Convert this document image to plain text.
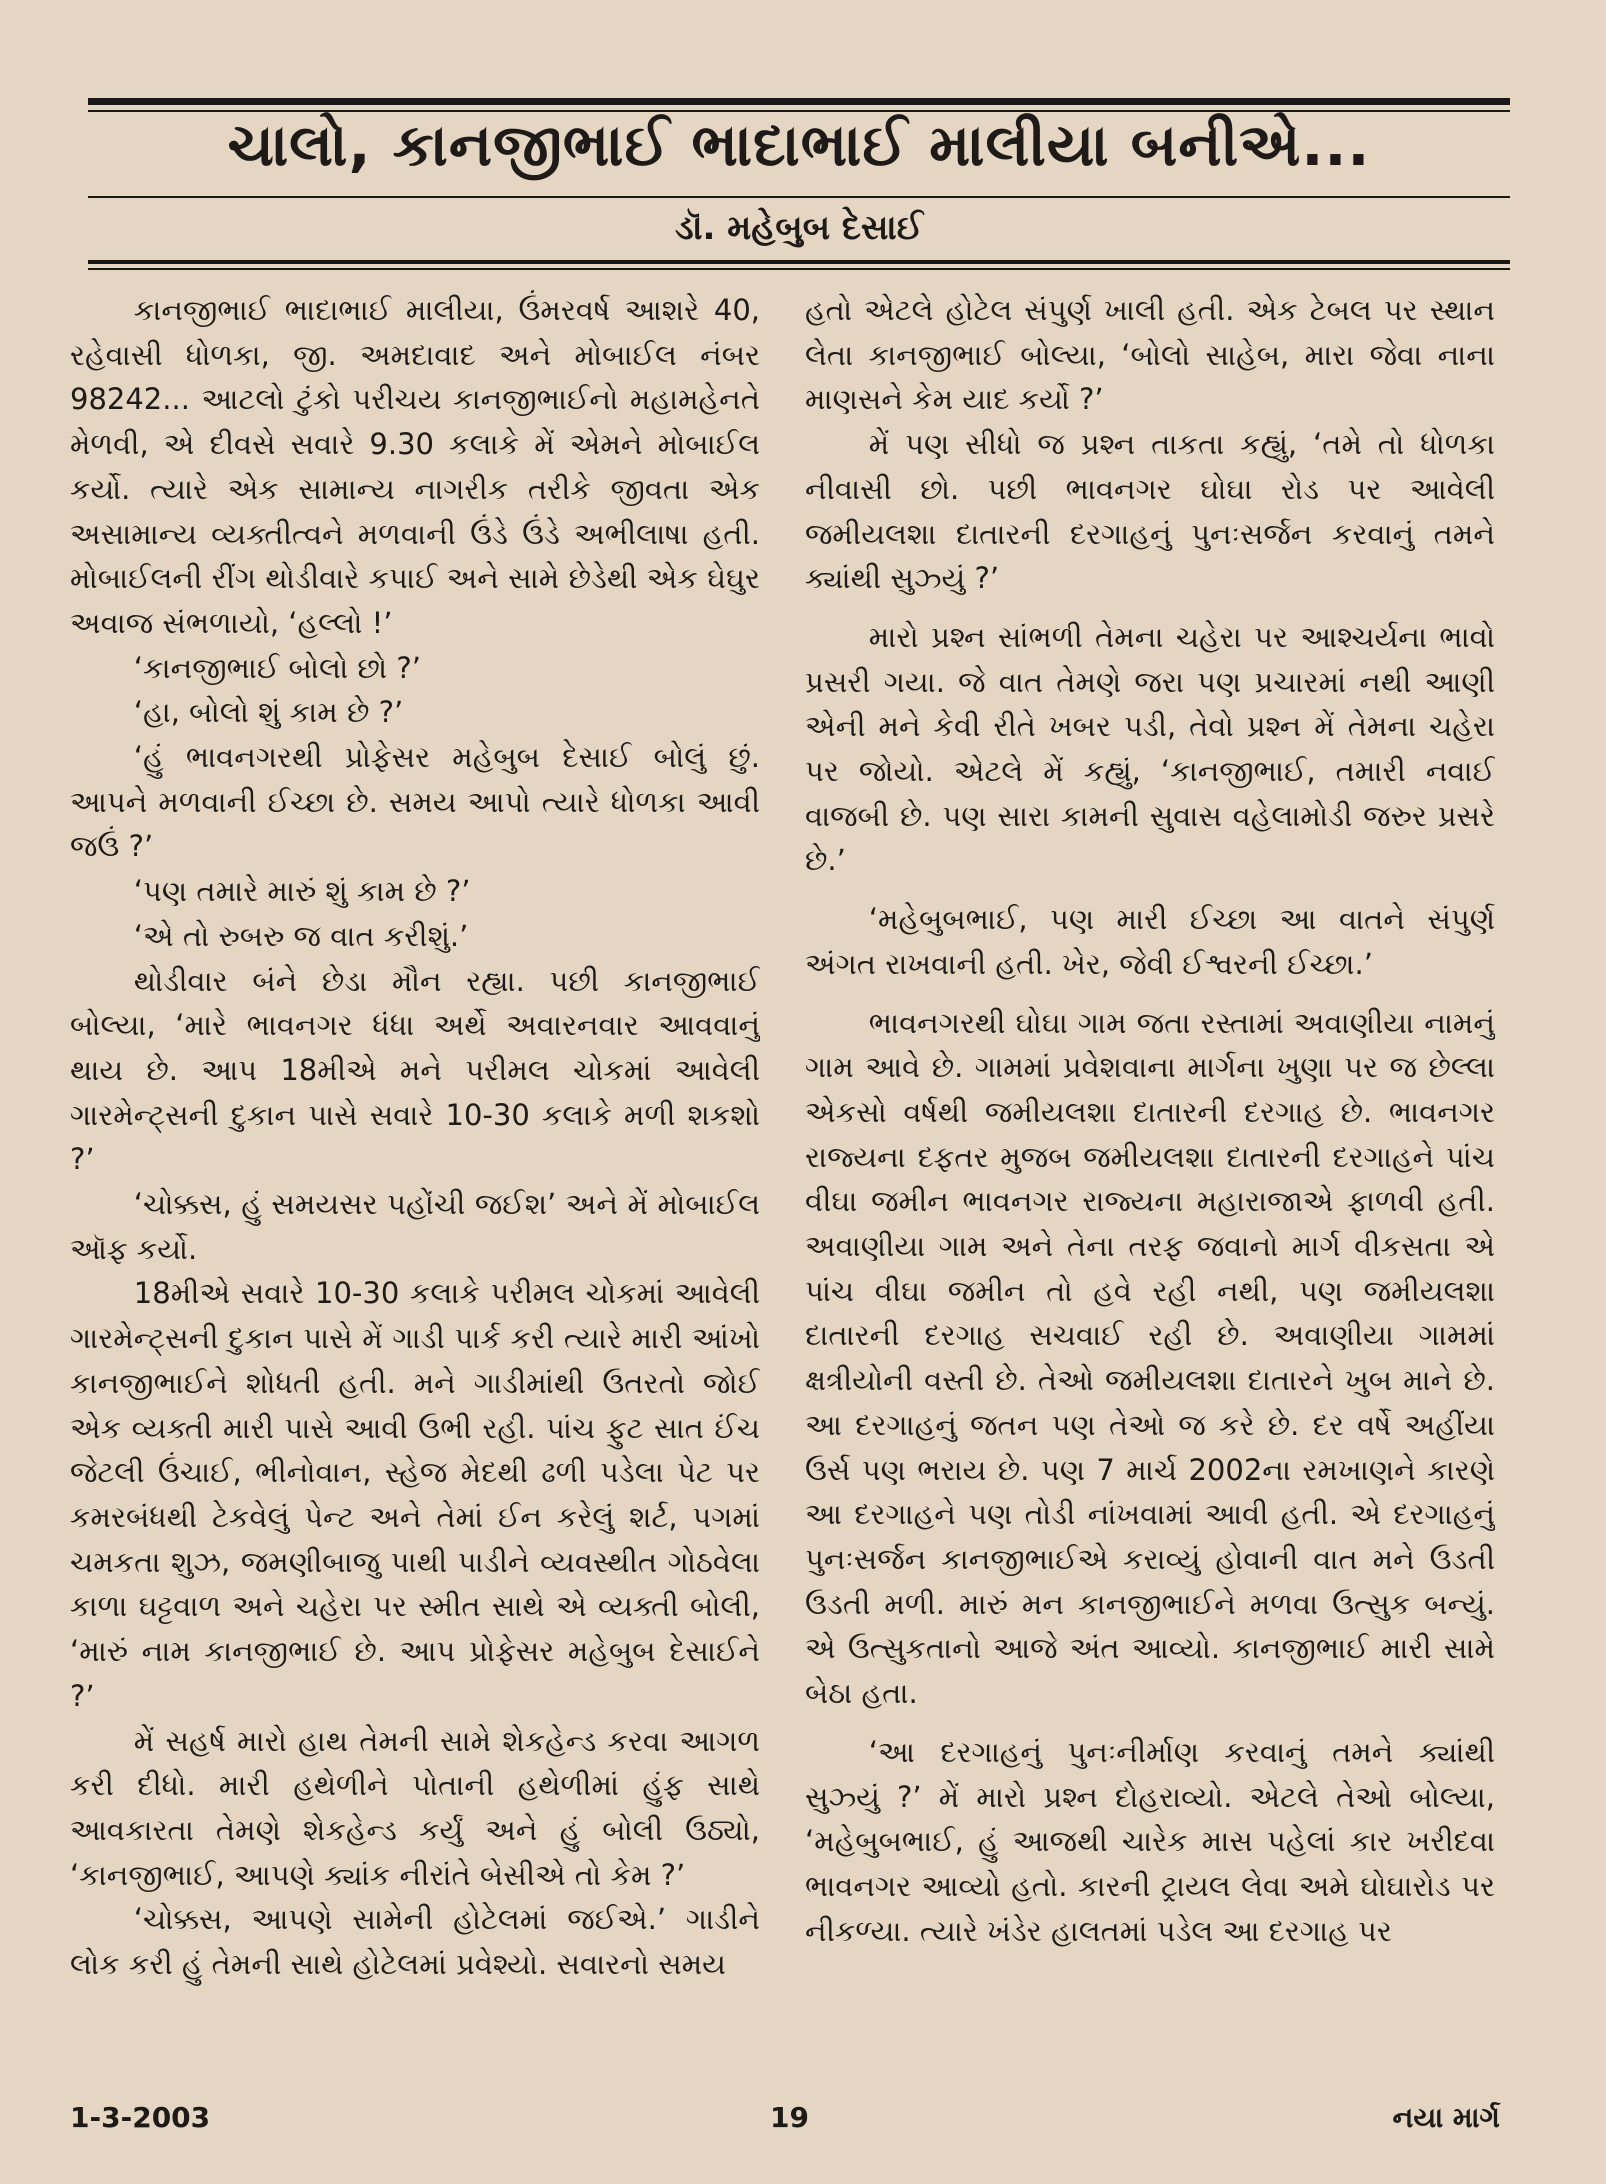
ચાલો, કાનજીભાઈ ભાદાભાઈ માલીયા બનીએ...
ડૉ. મહેબુબ દેસાઈ

કાનજીભાઈ ભાદાભાઈ માલીયા, ઉંમરવર્ષ આશરે 40, રહેવાસી ધોળકા, જી. અમદાવાદ અને મોબાઈલ નંબર 98242... આટલો ટુંકો પરીચય કાનજીભાઈનો મહામહેનતે મેળવી, એ દીવસે સવારે 9.30 કલાકે મેં એમને મોબાઈલ કર્યો. ત્યારે એક સામાન્ય નાગરીક તરીકે જીવતા એક અસામાન્ય વ્યક્તીત્વને મળવાની ઉંડે ઉંડે અભીલાષા હતી. મોબાઈલની રીંગ થોડીવારે કપાઈ અને સામે છેડેથી એક ઘેઘુર અવાજ સંભળાયો, ‘હલ્લો !’

‘કાનજીભાઈ બોલો છો ?’

‘હા, બોલો શું કામ છે ?’

‘હું ભાવનગરથી પ્રોફેસર મહેબુબ દેસાઈ બોલું છું. આપને મળવાની ઈચ્છા છે. સમય આપો ત્યારે ધોળકા આવી જઉં ?’

‘પણ તમારે મારું શું કામ છે ?’

‘એ તો રુબરુ જ વાત કરીશું.’

થોડીવાર બંને છેડા મૌન રહ્યા. પછી કાનજીભાઈ બોલ્યા, ‘મારે ભાવનગર ધંધા અર્થે અવારનવાર આવવાનું થાય છે. આપ 18મીએ મને પરીમલ ચોકમાં આવેલી ગારમેન્ટ્સની દુકાન પાસે સવારે 10-30 કલાકે મળી શકશો ?’

‘ચોક્કસ, હું સમયસર પહોંચી જઈશ’ અને મેં મોબાઈલ ઑફ કર્યો.

18મીએ સવારે 10-30 કલાકે પરીમલ ચોકમાં આવેલી ગારમેન્ટ્સની દુકાન પાસે મેં ગાડી પાર્ક કરી ત્યારે મારી આંખો કાનજીભાઈને શોધતી હતી. મને ગાડીમાંથી ઉતરતો જોઈ એક વ્યક્તી મારી પાસે આવી ઉભી રહી. પાંચ ફુટ સાત ઈંચ જેટલી ઉંચાઈ, ભીનોવાન, સ્હેજ મેદથી ઢળી પડેલા પેટ પર કમરબંધથી ટેકવેલું પેન્ટ અને તેમાં ઈન કરેલું શર્ટ, પગમાં ચમકતા શુઝ, જમણીબાજુ પાથી પાડીને વ્યવસ્થીત ગોઠવેલા કાળા ઘટ્ટવાળ અને ચહેરા પર સ્મીત સાથે એ વ્યક્તી બોલી, ‘મારું નામ કાનજીભાઈ છે. આપ પ્રોફેસર મહેબુબ દેસાઈને ?’

મેં સહર્ષ મારો હાથ તેમની સામે શેકહેન્ડ કરવા આગળ કરી દીધો. મારી હથેળીને પોતાની હથેળીમાં હુંફ સાથે આવકારતા તેમણે શેકહેન્ડ કર્યું અને હું બોલી ઉઠ્યો, ‘કાનજીભાઈ, આપણે ક્યાંક નીરાંતે બેસીએ તો કેમ ?’

‘ચોક્કસ, આપણે સામેની હોટેલમાં જઈએ.’ ગાડીને લોક કરી હું તેમની સાથે હોટેલમાં પ્રવેશ્યો. સવારનો સમય

હતો એટલે હોટેલ સંપુર્ણ ખાલી હતી. એક ટેબલ પર સ્થાન લેતા કાનજીભાઈ બોલ્યા, ‘બોલો સાહેબ, મારા જેવા નાના માણસને કેમ યાદ કર્યો ?’

મેં પણ સીધો જ પ્રશ્ન તાકતા કહ્યું, ‘તમે તો ધોળકા નીવાસી છો. પછી ભાવનગર ઘોઘા રોડ પર આવેલી જમીયલશા દાતારની દરગાહનું પુનઃસર્જન કરવાનું તમને ક્યાંથી સુઝ્યું ?’

મારો પ્રશ્ન સાંભળી તેમના ચહેરા પર આશ્ચર્યના ભાવો પ્રસરી ગયા. જે વાત તેમણે જરા પણ પ્રચારમાં નથી આણી એની મને કેવી રીતે ખબર પડી, તેવો પ્રશ્ન મેં તેમના ચહેરા પર જોયો. એટલે મેં કહ્યું, ‘કાનજીભાઈ, તમારી નવાઈ વાજબી છે. પણ સારા કામની સુવાસ વહેલામોડી જરુર પ્રસરે છે.’

‘મહેબુબભાઈ, પણ મારી ઈચ્છા આ વાતને સંપુર્ણ અંગત રાખવાની હતી. ખેર, જેવી ઈશ્વરની ઈચ્છા.’

ભાવનગરથી ઘોઘા ગામ જતા રસ્તામાં અવાણીયા નામનું ગામ આવે છે. ગામમાં પ્રવેશવાના માર્ગના ખુણા પર જ છેલ્લા એકસો વર્ષથી જમીયલશા દાતારની દરગાહ છે. ભાવનગર રાજ્યના દફતર મુજબ જમીયલશા દાતારની દરગાહને પાંચ વીઘા જમીન ભાવનગર રાજ્યના મહારાજાએ ફાળવી હતી. અવાણીયા ગામ અને તેના તરફ જવાનો માર્ગ વીકસતા એ પાંચ વીઘા જમીન તો હવે રહી નથી, પણ જમીયલશા દાતારની દરગાહ સચવાઈ રહી છે. અવાણીયા ગામમાં ક્ષત્રીયોની વસ્તી છે. તેઓ જમીયલશા દાતારને ખુબ માને છે. આ દરગાહનું જતન પણ તેઓ જ કરે છે. દર વર્ષે અહીંયા ઉર્સ પણ ભરાય છે. પણ 7 માર્ચ 2002ના રમખાણને કારણે આ દરગાહને પણ તોડી નાંખવામાં આવી હતી. એ દરગાહનું પુનઃસર્જન કાનજીભાઈએ કરાવ્યું હોવાની વાત મને ઉડતી ઉડતી મળી. મારું મન કાનજીભાઈને મળવા ઉત્સુક બન્યું. એ ઉત્સુકતાનો આજે અંત આવ્યો. કાનજીભાઈ મારી સામે બેઠા હતા.

‘આ દરગાહનું પુનઃનીર્માણ કરવાનું તમને ક્યાંથી સુઝ્યું ?’ મેં મારો પ્રશ્ન દોહરાવ્યો. એટલે તેઓ બોલ્યા, ‘મહેબુબભાઈ, હું આજથી ચારેક માસ પહેલાં કાર ખરીદવા ભાવનગર આવ્યો હતો. કારની ટ્રાયલ લેવા અમે ઘોઘારોડ પર નીકળ્યા. ત્યારે ખંડેર હાલતમાં પડેલ આ દરગાહ પર

1-3-2003	19	નયા માર્ગ
